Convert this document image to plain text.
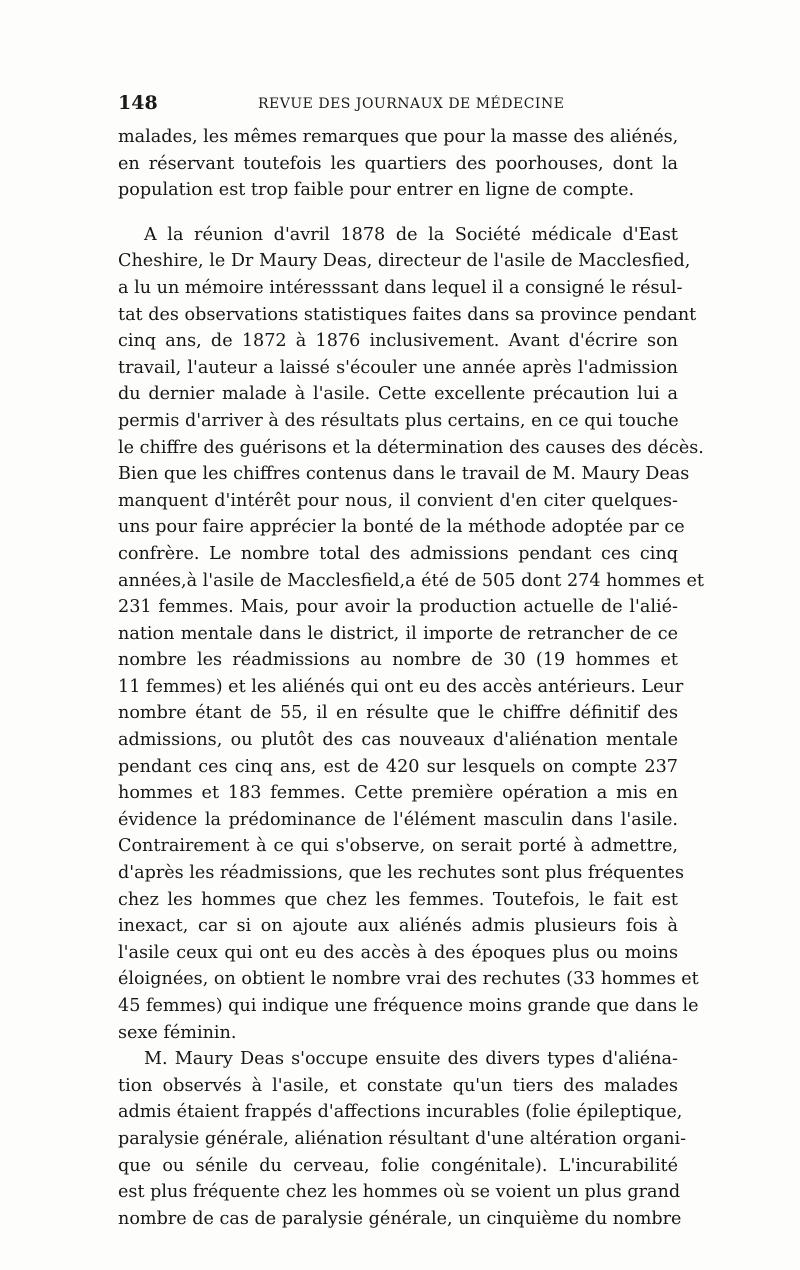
148	REVUE DES JOURNAUX DE MÉDECINE
malades, les mêmes remarques que pour la masse des aliénés,
en réservant toutefois les quartiers des poorhouses, dont la
population est trop faible pour entrer en ligne de compte.
A la réunion d'avril 1878 de la Société médicale d'East
Cheshire, le Dr Maury Deas, directeur de l'asile de Macclesfied,
a lu un mémoire intéresssant dans lequel il a consigné le résul-
tat des observations statistiques faites dans sa province pendant
cinq ans, de 1872 à 1876 inclusivement. Avant d'écrire son
travail, l'auteur a laissé s'écouler une année après l'admission
du dernier malade à l'asile. Cette excellente précaution lui a
permis d'arriver à des résultats plus certains, en ce qui touche
le chiffre des guérisons et la détermination des causes des décès.
Bien que les chiffres contenus dans le travail de M. Maury Deas
manquent d'intérêt pour nous, il convient d'en citer quelques-
uns pour faire apprécier la bonté de la méthode adoptée par ce
confrère. Le nombre total des admissions pendant ces cinq
années,à l'asile de Macclesfield,a été de 505 dont 274 hommes et
231 femmes. Mais, pour avoir la production actuelle de l'alié-
nation mentale dans le district, il importe de retrancher de ce
nombre les réadmissions au nombre de 30 (19 hommes et
11 femmes) et les aliénés qui ont eu des accès antérieurs. Leur
nombre étant de 55, il en résulte que le chiffre définitif des
admissions, ou plutôt des cas nouveaux d'aliénation mentale
pendant ces cinq ans, est de 420 sur lesquels on compte 237
hommes et 183 femmes. Cette première opération a mis en
évidence la prédominance de l'élément masculin dans l'asile.
Contrairement à ce qui s'observe, on serait porté à admettre,
d'après les réadmissions, que les rechutes sont plus fréquentes
chez les hommes que chez les femmes. Toutefois, le fait est
inexact, car si on ajoute aux aliénés admis plusieurs fois à
l'asile ceux qui ont eu des accès à des époques plus ou moins
éloignées, on obtient le nombre vrai des rechutes (33 hommes et
45 femmes) qui indique une fréquence moins grande que dans le
sexe féminin.
M. Maury Deas s'occupe ensuite des divers types d'aliéna-
tion observés à l'asile, et constate qu'un tiers des malades
admis étaient frappés d'affections incurables (folie épileptique,
paralysie générale, aliénation résultant d'une altération organi-
que ou sénile du cerveau, folie congénitale). L'incurabilité
est plus fréquente chez les hommes où se voient un plus grand
nombre de cas de paralysie générale, un cinquième du nombre
